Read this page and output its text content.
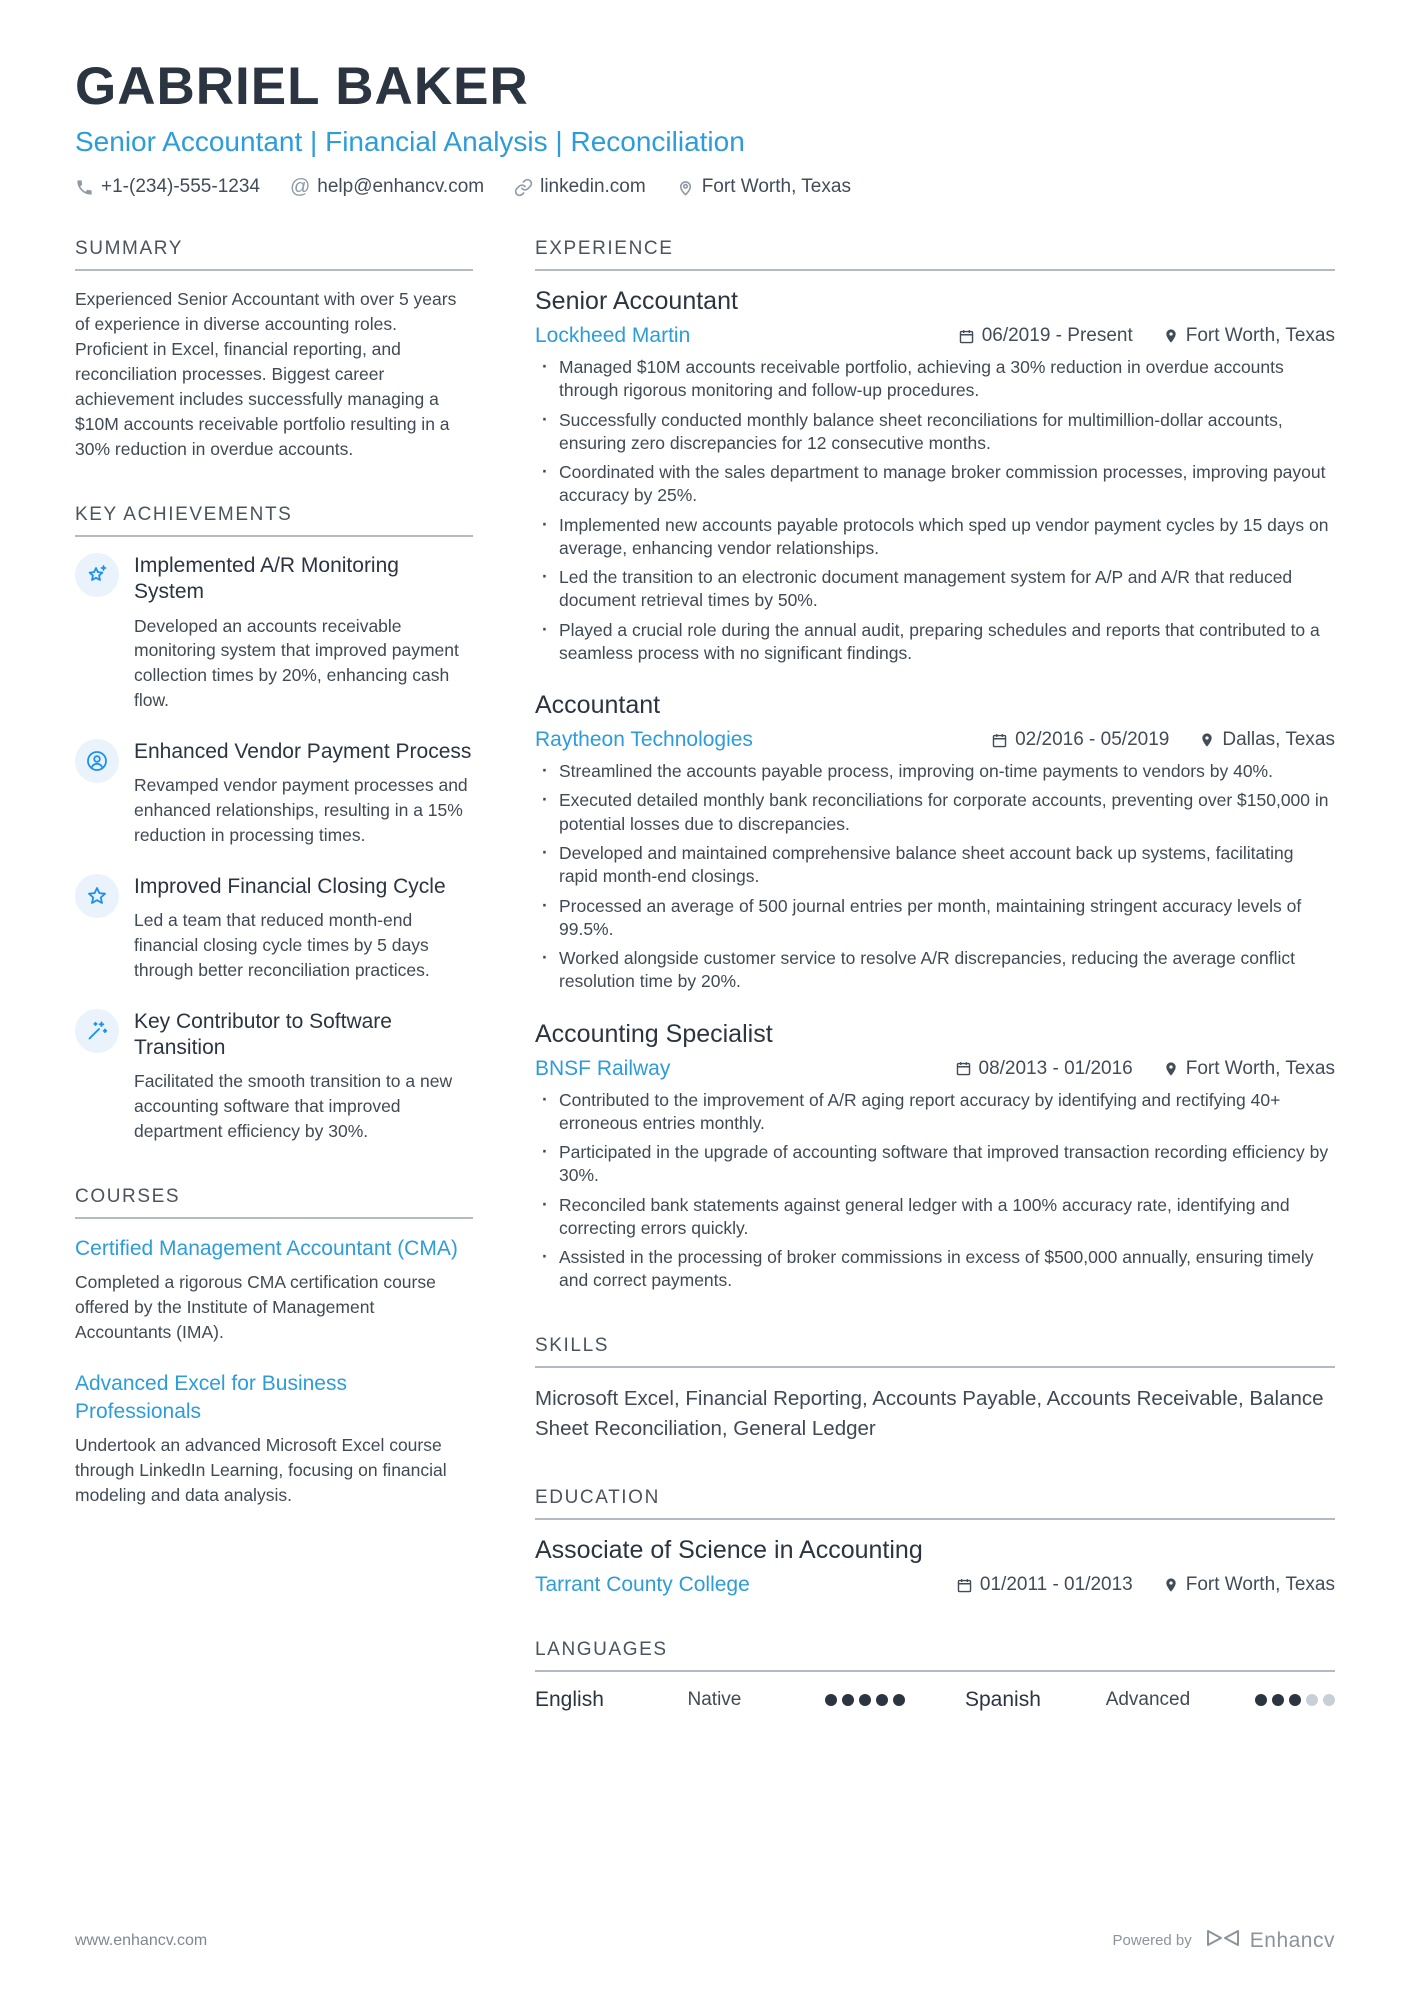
GABRIEL BAKER
Senior Accountant | Financial Analysis | Reconciliation
+1-(234)-555-1234 @ help@enhancv.com	linkedin.com	Fort Worth, Texas
SUMMARY

Experienced Senior Accountant with over 5 years of experience in diverse accounting roles. Proficient in Excel, financial reporting, and reconciliation processes. Biggest career achievement includes successfully managing a $10M accounts receivable portfolio resulting in a 30% reduction in overdue accounts.

KEY ACHIEVEMENTS

Implemented A/R Monitoring System

Developed an accounts receivable monitoring system that improved payment collection times by 20%, enhancing cash flow.

Enhanced Vendor Payment Process

Revamped vendor payment processes and enhanced relationships, resulting in a 15% reduction in processing times.

Improved Financial Closing Cycle

Led a team that reduced month-end financial closing cycle times by 5 days through better reconciliation practices.

Key Contributor to Software Transition

Facilitated the smooth transition to a new accounting software that improved department efficiency by 30%.

COURSES

Certified Management Accountant (CMA)

Completed a rigorous CMA certification course offered by the Institute of Management Accountants (IMA).

Advanced Excel for Business Professionals

Undertook an advanced Microsoft Excel course through LinkedIn Learning, focusing on financial modeling and data analysis.

EXPERIENCE

Senior Accountant

Lockheed Martin	06/2019 - Present	Fort Worth, Texas
· Managed $10M accounts receivable portfolio, achieving a 30% reduction in overdue accounts through rigorous monitoring and follow-up procedures.
· Successfully conducted monthly balance sheet reconciliations for multimillion-dollar accounts, ensuring zero discrepancies for 12 consecutive months.
· Coordinated with the sales department to manage broker commission processes, improving payout accuracy by 25%.
· Implemented new accounts payable protocols which sped up vendor payment cycles by 15 days on average, enhancing vendor relationships.
· Led the transition to an electronic document management system for A/P and A/R that reduced document retrieval times by 50%.
· Played a crucial role during the annual audit, preparing schedules and reports that contributed to a seamless process with no significant findings.

Accountant

Raytheon Technologies	02/2016 - 05/2019	Dallas, Texas
· Streamlined the accounts payable process, improving on-time payments to vendors by 40%.
· Executed detailed monthly bank reconciliations for corporate accounts, preventing over $150,000 in potential losses due to discrepancies.
· Developed and maintained comprehensive balance sheet account back up systems, facilitating rapid month-end closings.
· Processed an average of 500 journal entries per month, maintaining stringent accuracy levels of 99.5%.
· Worked alongside customer service to resolve A/R discrepancies, reducing the average conflict resolution time by 20%.

Accounting Specialist

BNSF Railway	08/2013 - 01/2016	Fort Worth, Texas
· Contributed to the improvement of A/R aging report accuracy by identifying and rectifying 40+ erroneous entries monthly.
· Participated in the upgrade of accounting software that improved transaction recording efficiency by 30%.
· Reconciled bank statements against general ledger with a 100% accuracy rate, identifying and correcting errors quickly.
· Assisted in the processing of broker commissions in excess of $500,000 annually, ensuring timely and correct payments.
SKILLS

Microsoft Excel, Financial Reporting, Accounts Payable, Accounts Receivable, Balance Sheet Reconciliation, General Ledger

EDUCATION

Associate of Science in Accounting

Tarrant County College	01/2011 - 01/2013	Fort Worth, Texas
LANGUAGES
English	Native	Spanish	Advanced
www.enhancv.com	Powered by	Enhancv
